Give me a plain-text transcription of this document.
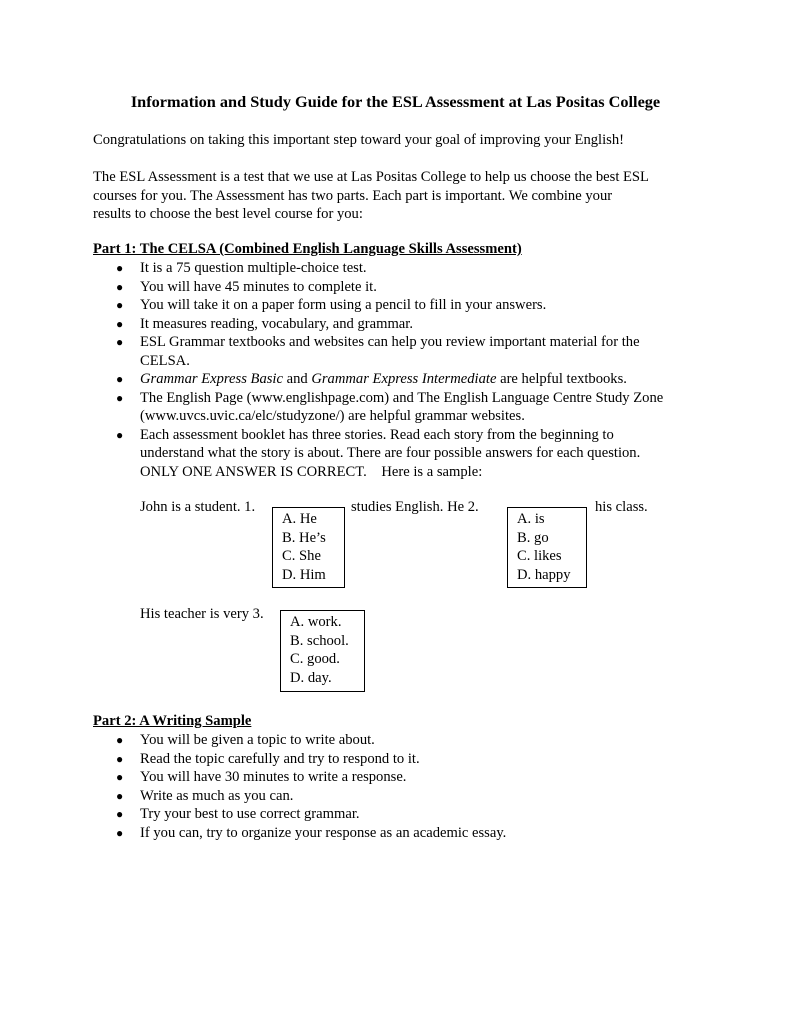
Information and Study Guide for the ESL Assessment at Las Positas College

Congratulations on taking this important step toward your goal of improving your English!

The ESL Assessment is a test that we use at Las Positas College to help us choose the best ESL
courses for you. The Assessment has two parts. Each part is important. We combine your
results to choose the best level course for you:

Part 1: The CELSA (Combined English Language Skills Assessment)
● It is a 75 question multiple-choice test.
● You will have 45 minutes to complete it.
● You will take it on a paper form using a pencil to fill in your answers.
● It measures reading, vocabulary, and grammar.
● ESL Grammar textbooks and websites can help you review important material for the
CELSA.
● Grammar Express Basic and Grammar Express Intermediate are helpful textbooks.
● The English Page (www.englishpage.com) and The English Language Centre Study Zone
(www.uvcs.uvic.ca/elc/studyzone/) are helpful grammar websites.
● Each assessment booklet has three stories. Read each story from the beginning to
understand what the story is about. There are four possible answers for each question.
ONLY ONE ANSWER IS CORRECT.    Here is a sample:
John is a student. 1.	studies English. He 2.	his class.
A. He
B. He’s
C. She
D. Him
A. is
B. go
C. likes
D. happy
His teacher is very 3. A. work.
B. school.
C. good.
D. day.
Part 2: A Writing Sample
● You will be given a topic to write about.
● Read the topic carefully and try to respond to it.
● You will have 30 minutes to write a response.
● Write as much as you can.
● Try your best to use correct grammar.
● If you can, try to organize your response as an academic essay.
